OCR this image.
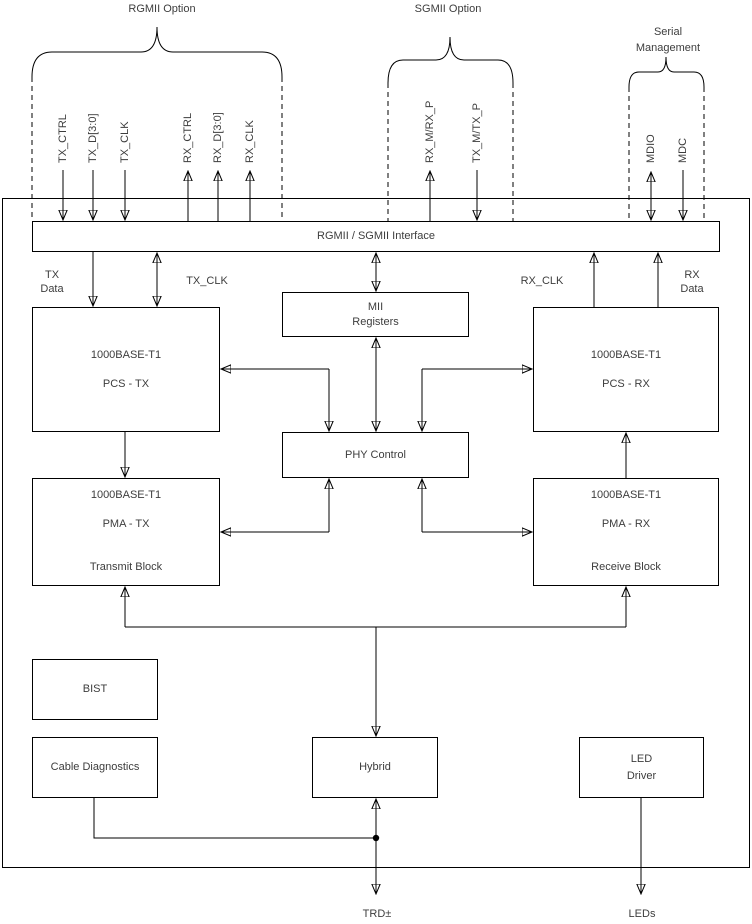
RGMII Option	SGMII Option
Serial
Management
TX_CTRL TX_D[3:0] TX_CLK	RX_CTRL RX_D[3:0] RX_CLK	RX_M/RX_P	TX_M/TX_P	MDIO MDC
RGMII / SGMII Interface
1000BASE-T1
PCS - TX
MII
Registers
1000BASE-T1
PCS - RX
PHY Control
1000BASE-T1
PMA - TX
Transmit Block
1000BASE-T1
PMA - RX
Receive Block
BIST
Cable Diagnostics	Hybrid
LED
Driver
TX
Data
TX_CLK	RX_CLK	RX
Data
TRD±	LEDs
